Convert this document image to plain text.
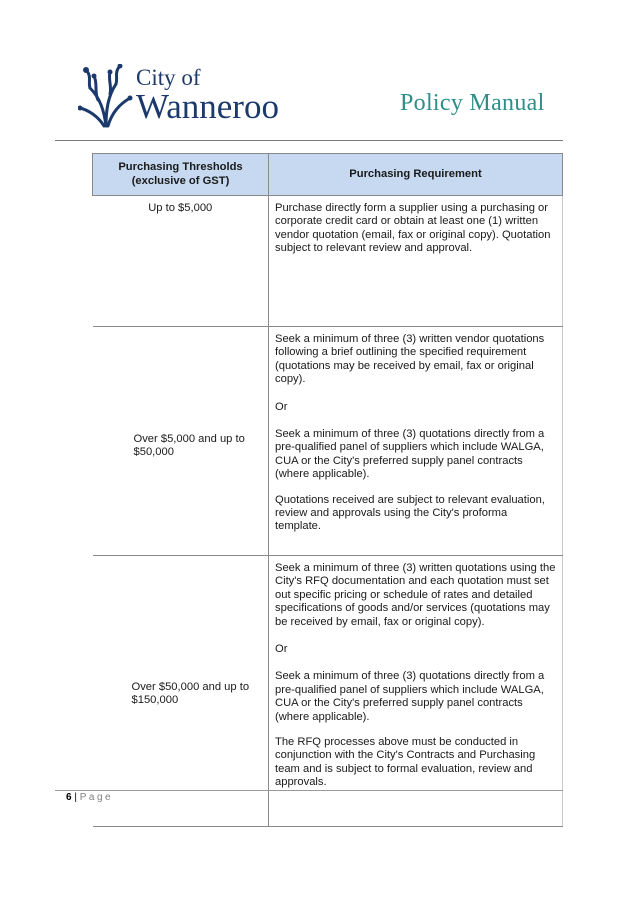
City of
Wanneroo	Policy Manual
Purchasing Thresholds (exclusive of GST)	Purchasing Requirement
Up to $5,000	Purchase directly form a supplier using a purchasing or corporate credit card or obtain at least one (1) written vendor quotation (email, fax or original copy). Quotation subject to relevant review and approval.

Over $5,000 and up to $50,000	Seek a minimum of three (3) written vendor quotations following a brief outlining the specified requirement (quotations may be received by email, fax or original copy).

Or

Seek a minimum of three (3) quotations directly from a pre-qualified panel of suppliers which include WALGA, CUA or the City's preferred supply panel contracts (where applicable).

Quotations received are subject to relevant evaluation, review and approvals using the City's proforma template.

Over $50,000 and up to $150,000	Seek a minimum of three (3) written quotations using the City's RFQ documentation and each quotation must set out specific pricing or schedule of rates and detailed specifications of goods and/or services (quotations may be received by email, fax or original copy).

Or

Seek a minimum of three (3) quotations directly from a pre-qualified panel of suppliers which include WALGA, CUA or the City's preferred supply panel contracts (where applicable).

The RFQ processes above must be conducted in conjunction with the City's Contracts and Purchasing team and is subject to formal evaluation, review and approvals.

6 | Page
